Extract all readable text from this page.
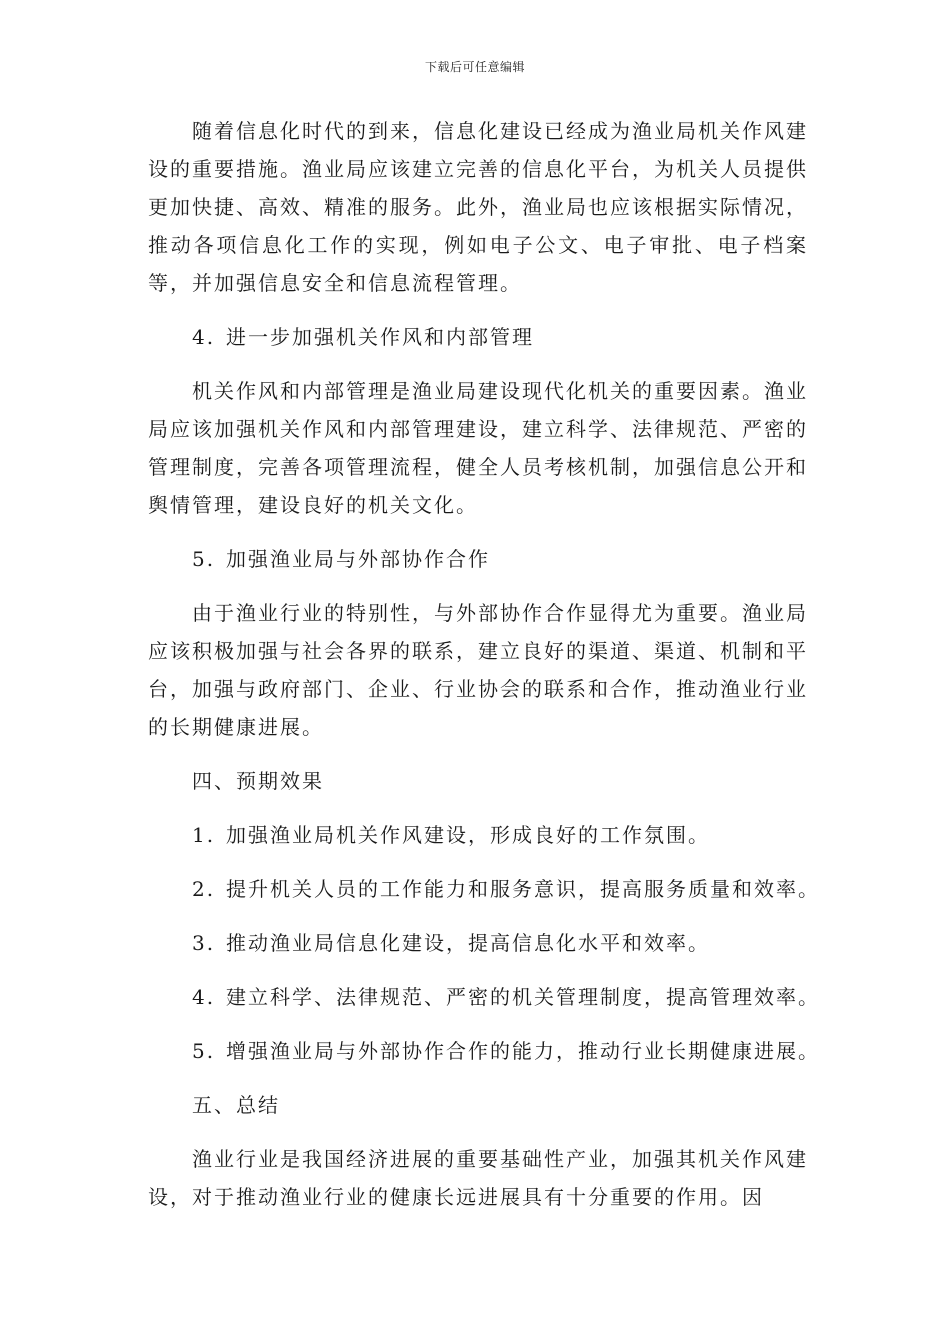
下载后可任意编辑

随着信息化时代的到来，信息化建设已经成为渔业局机关作风建设的重要措施。渔业局应该建立完善的信息化平台，为机关人员提供更加快捷、高效、精准的服务。此外，渔业局也应该根据实际情况，推动各项信息化工作的实现，例如电子公文、电子审批、电子档案等，并加强信息安全和信息流程管理。

4. 进一步加强机关作风和内部管理

机关作风和内部管理是渔业局建设现代化机关的重要因素。渔业局应该加强机关作风和内部管理建设，建立科学、法律规范、严密的管理制度，完善各项管理流程，健全人员考核机制，加强信息公开和舆情管理，建设良好的机关文化。

5. 加强渔业局与外部协作合作

由于渔业行业的特别性，与外部协作合作显得尤为重要。渔业局应该积极加强与社会各界的联系，建立良好的渠道、渠道、机制和平台，加强与政府部门、企业、行业协会的联系和合作，推动渔业行业的长期健康进展。

四、预期效果
1. 加强渔业局机关作风建设，形成良好的工作氛围。
2. 提升机关人员的工作能力和服务意识，提高服务质量和效率。
3. 推动渔业局信息化建设，提高信息化水平和效率。
4. 建立科学、法律规范、严密的机关管理制度，提高管理效率。
5. 增强渔业局与外部协作合作的能力，推动行业长期健康进展。
五、总结

渔业行业是我国经济进展的重要基础性产业，加强其机关作风建设，对于推动渔业行业的健康长远进展具有十分重要的作用。因
